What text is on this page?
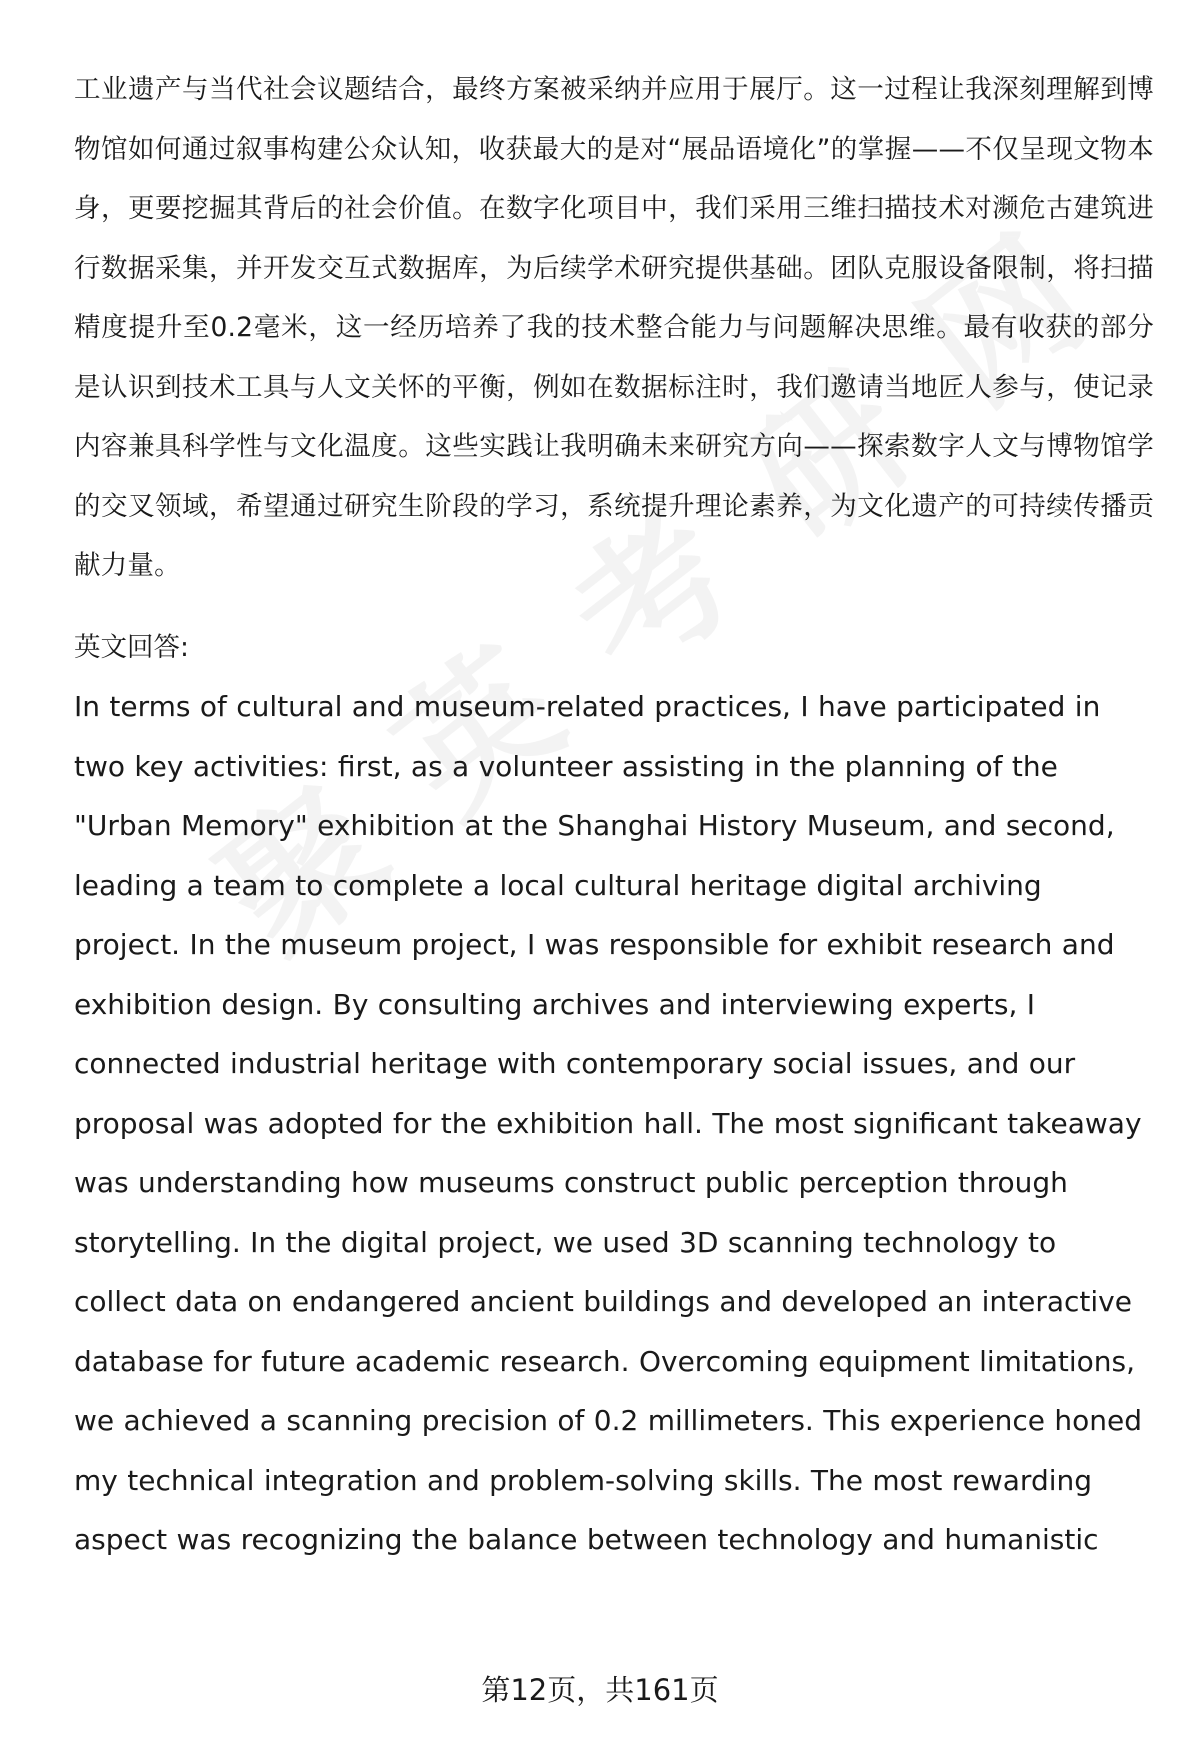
工业遗产与当代社会议题结合，最终方案被采纳并应用于展厅。这一过程让我深刻理解到博物馆如何通过叙事构建公众认知，收获最大的是对“展品语境化”的掌握——不仅呈现文物本身，更要挖掘其背后的社会价值。在数字化项目中，我们采用三维扫描技术对濒危古建筑进行数据采集，并开发交互式数据库，为后续学术研究提供基础。团队克服设备限制，将扫描精度提升至0.2毫米，这一经历培养了我的技术整合能力与问题解决思维。最有收获的部分是认识到技术工具与人文关怀的平衡，例如在数据标注时，我们邀请当地匠人参与，使记录内容兼具科学性与文化温度。这些实践让我明确未来研究方向——探索数字人文与博物馆学的交叉领域，希望通过研究生阶段的学习，系统提升理论素养，为文化遗产的可持续传播贡献力量。

英文回答:

In terms of cultural and museum-related practices, I have participated in
two key activities: first, as a volunteer assisting in the planning of the
"Urban Memory" exhibition at the Shanghai History Museum, and second,
leading a team to complete a local cultural heritage digital archiving
project. In the museum project, I was responsible for exhibit research and
exhibition design. By consulting archives and interviewing experts, I
connected industrial heritage with contemporary social issues, and our
proposal was adopted for the exhibition hall. The most significant takeaway
was understanding how museums construct public perception through
storytelling. In the digital project, we used 3D scanning technology to
collect data on endangered ancient buildings and developed an interactive
database for future academic research. Overcoming equipment limitations,
we achieved a scanning precision of 0.2 millimeters. This experience honed
my technical integration and problem-solving skills. The most rewarding
aspect was recognizing the balance between technology and humanistic
第12页，共161页
